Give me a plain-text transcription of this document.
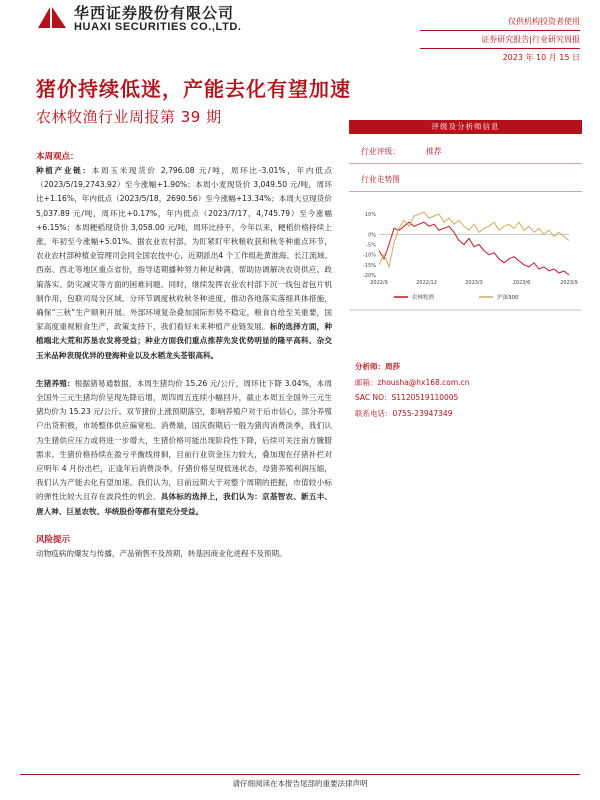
华西证券股份有限公司
HUAXI SECURITIES CO.,LTD.	仅供机构投资者使用
证券研究报告|行业研究周报
2023 年 10 月 15 日
猪价持续低迷，产能去化有望加速
农林牧渔行业周报第 39 期
本周观点：
种植产业链：本周玉米现货价 2,796.08 元/吨，周环比-3.01%，年内低点（2023/5/19,2743.92）至今涨幅+1.90%；本周小麦现货价 3,049.50 元/吨，周环比+1.16%，年内低点（2023/5/18，2690.56）至今涨幅+13.34%；本周大豆现货价5,037.89 元/吨，周环比+0.17%，年内低点（2023/7/17，4,745.79）至今涨幅+6.15%；本周粳稻现货价 3,058.00 元/吨，周环比持平，今年以来，粳稻价格持续上涨，年初至今涨幅+5.01%。据农业农村部，为盯紧盯牢秋粮收获和秋冬种重点环节，农业农村部种植业管理司会同全国农技中心，近期派出4 个工作组赴黄淮海、长江流域、西南、西北等地区重点省份，指导适期播种努力种足种满，帮助协调解决农资供应、政策落实、防灾减灾等方面的困难问题。同时，继续发挥农业农村部下沉一线包省包片机制作用，包联司局分区域、分环节调度秋收秋冬种进度，推动各地落实落细具体措施，确保“三秋”生产顺利开展。外部环境复杂叠加国际形势不稳定，粮食自给至关重要，国家高度重视粮食生产，政策支持下，我们看好未来种植产业链发展。标的选择方面，种植端北大荒和苏垦农发将受益；种业方面我们重点推荐先发优势明显的隆平高科、杂交玉米品种表现优异的登海种业以及水稻龙头荃银高科。
生猪养殖：根据猪易通数据，本周生猪均价 15.26 元/公斤，周环比下降 3.04%，本周全国外三元生猪均价呈现先降后增，周四周五连续小幅回升，截止本周五全国外三元生猪均价为 15.23 元/公斤。双节猪价上涨预期落空，影响养殖户对于后市信心，部分养殖户出货积极，市场整体供应偏宽松。消费端，国庆假期后一般为猪肉消费淡季，我们认为生猪供应压力或将进一步增大，生猪价格可能出现阶段性下降，后续可关注南方腌腊需求。生猪价格持续在盈亏平衡线徘徊，目前行业资金压力较大，叠加现在仔猪补栏对应明年 4 月份出栏，正逢年后消费淡季，仔猪价格呈现低迷状态，母猪养殖利润压缩，我们认为产能去化有望加速。我们认为，目前远期大于对整个周期的把握，市值较小标的弹性比较大且存在波段性的机会。具体标的选择上，我们认为：京基智农、新五丰、唐人神、巨星农牧、华统股份等都有望充分受益。
风险提示
动物疫病的爆发与传播，产品销售不及预期，转基因商业化进程不及预期。
评级及分析师信息
行业评级：	推荐
行业走势图
10%
0%
-5%
-10%
-15%
-20%
2022/9	2022/12	2023/3	2023/6	2023/9
农林牧渔	沪深300
分析师：周莎
邮箱：zhousha@hx168.com.cn
SAC NO：S1120519110005
联系电话：0755-23947349
请仔细阅读在本报告尾部的重要法律声明
